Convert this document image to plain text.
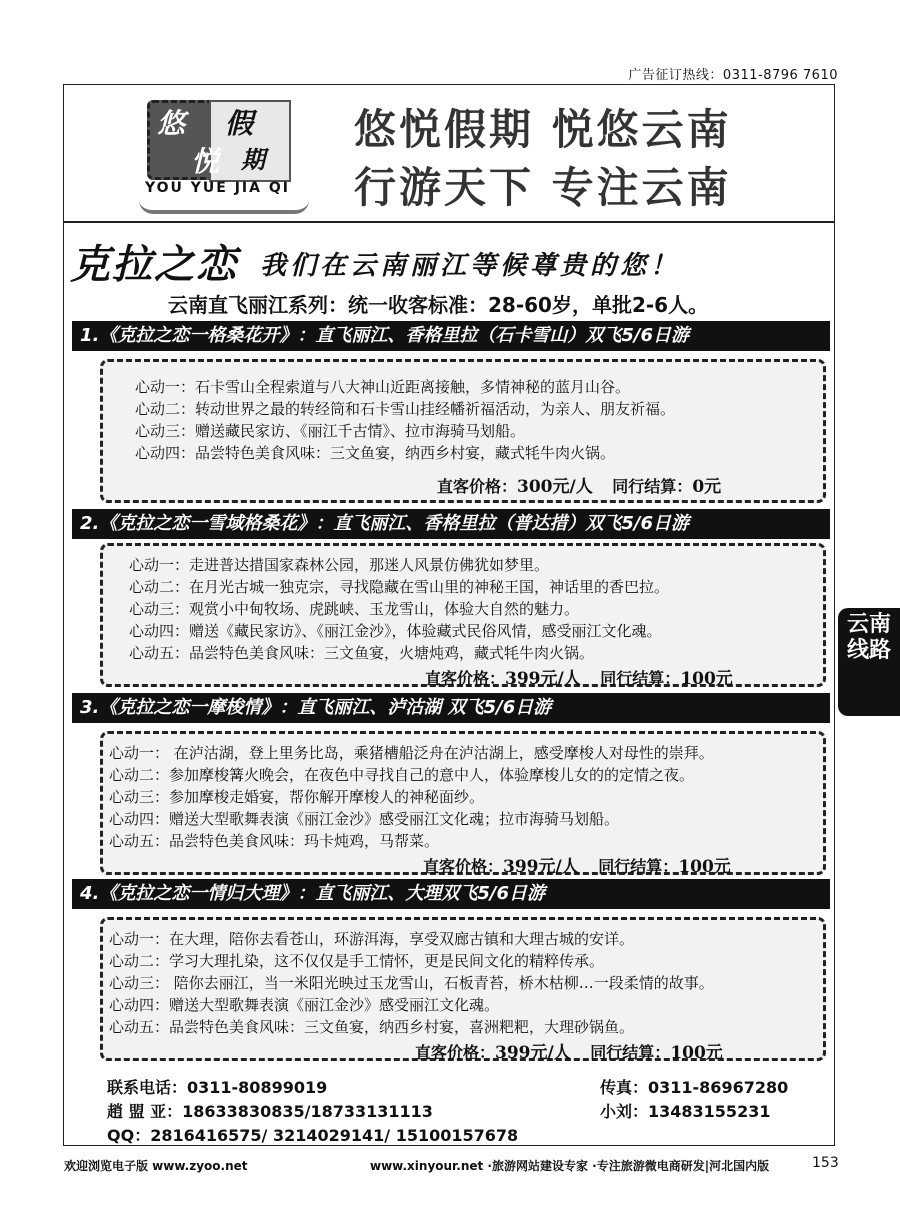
广告征订热线：0311-8796 7610
悠 假
悦 期
YOU YUE JIA QI
悠悦假期 悦悠云南
行游天下 专注云南
克拉之恋 我们在云南丽江等候尊贵的您！
云南直飞丽江系列：统一收客标准：28-60岁，单批2-6人。
1.《克拉之恋一格桑花开》：直飞丽江、香格里拉（石卡雪山）双飞5/6日游
心动一：石卡雪山全程索道与八大神山近距离接触，多情神秘的蓝月山谷。
心动二：转动世界之最的转经筒和石卡雪山挂经幡祈福活动，为亲人、朋友祈福。
心动三：赠送藏民家访、《丽江千古情》、拉市海骑马划船。
心动四：品尝特色美食风味：三文鱼宴，纳西乡村宴，藏式牦牛肉火锅。
直客价格：300元/人 同行结算：0元
2.《克拉之恋一雪域格桑花》：直飞丽江、香格里拉（普达措）双飞5/6日游
心动一：走进普达措国家森林公园，那迷人风景仿佛犹如梦里。
心动二：在月光古城一独克宗，寻找隐藏在雪山里的神秘王国，神话里的香巴拉。
心动三：观赏小中甸牧场、虎跳峡、玉龙雪山，体验大自然的魅力。
心动四：赠送《藏民家访》、《丽江金沙》，体验藏式民俗风情，感受丽江文化魂。
心动五：品尝特色美食风味：三文鱼宴，火塘炖鸡，藏式牦牛肉火锅。
直客价格：399元/人 同行结算：100元
3.《克拉之恋一摩梭情》：直飞丽江、泸沽湖 双飞5/6日游
心动一： 在泸沽湖，登上里务比岛，乘猪槽船泛舟在泸沽湖上，感受摩梭人对母性的崇拜。
心动二：参加摩梭篝火晚会，在夜色中寻找自己的意中人，体验摩梭儿女的的定情之夜。
心动三：参加摩梭走婚宴，帮你解开摩梭人的神秘面纱。
心动四：赠送大型歌舞表演《丽江金沙》感受丽江文化魂；拉市海骑马划船。
心动五：品尝特色美食风味：玛卡炖鸡，马帮菜。
直客价格：399元/人 同行结算：100元
4.《克拉之恋一情归大理》：直飞丽江、大理双飞5/6日游
心动一：在大理，陪你去看苍山，环游洱海，享受双廊古镇和大理古城的安详。
心动二：学习大理扎染，这不仅仅是手工情怀，更是民间文化的精粹传承。
心动三： 陪你去丽江，当一米阳光映过玉龙雪山，石板青苔，桥木枯柳…一段柔情的故事。
心动四：赠送大型歌舞表演《丽江金沙》感受丽江文化魂。
心动五：品尝特色美食风味：三文鱼宴，纳西乡村宴，喜洲粑粑，大理砂锅鱼。
直客价格：399元/人 同行结算：100元
联系电话：0311-80899019	传真：0311-86967280
趙 盟 亚：18633830835/18733131113	小刘：13483155231
QQ：2816416575/ 3214029141/ 15100157678
云南线路
欢迎浏览电子版 www.zyoo.net	www.xinyour.net ·旅游网站建设专家 ·专注旅游微电商研发|河北国内版	153
